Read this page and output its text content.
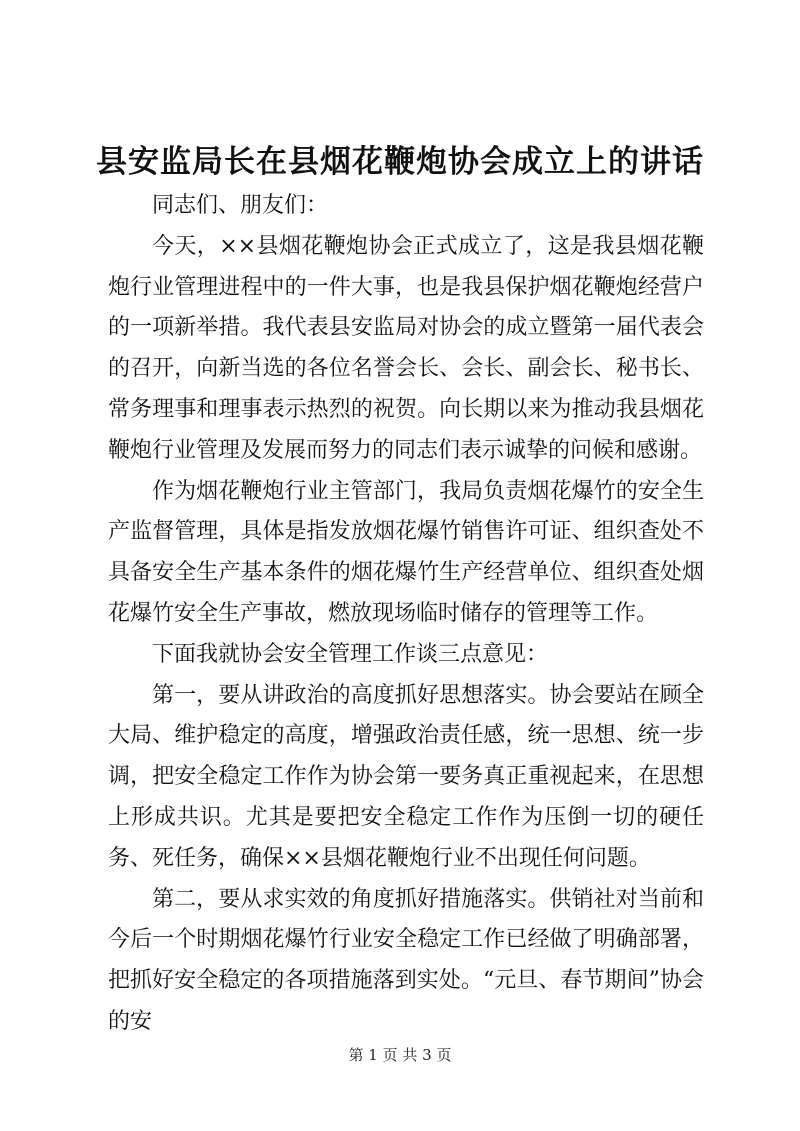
县安监局长在县烟花鞭炮协会成立上的讲话

同志们、朋友们：

今天，××县烟花鞭炮协会正式成立了，这是我县烟花鞭炮行业管理进程中的一件大事，也是我县保护烟花鞭炮经营户的一项新举措。我代表县安监局对协会的成立暨第一届代表会的召开，向新当选的各位名誉会长、会长、副会长、秘书长、常务理事和理事表示热烈的祝贺。向长期以来为推动我县烟花鞭炮行业管理及发展而努力的同志们表示诚挚的问候和感谢。

作为烟花鞭炮行业主管部门，我局负责烟花爆竹的安全生产监督管理，具体是指发放烟花爆竹销售许可证、组织查处不具备安全生产基本条件的烟花爆竹生产经营单位、组织查处烟花爆竹安全生产事故，燃放现场临时储存的管理等工作。

下面我就协会安全管理工作谈三点意见：

第一，要从讲政治的高度抓好思想落实。协会要站在顾全大局、维护稳定的高度，增强政治责任感，统一思想、统一步调，把安全稳定工作作为协会第一要务真正重视起来，在思想上形成共识。尤其是要把安全稳定工作作为压倒一切的硬任务、死任务，确保××县烟花鞭炮行业不出现任何问题。

第二，要从求实效的角度抓好措施落实。供销社对当前和今后一个时期烟花爆竹行业安全稳定工作已经做了明确部署，把抓好安全稳定的各项措施落到实处。“元旦、春节期间”协会的安

第 1 页 共 3 页
